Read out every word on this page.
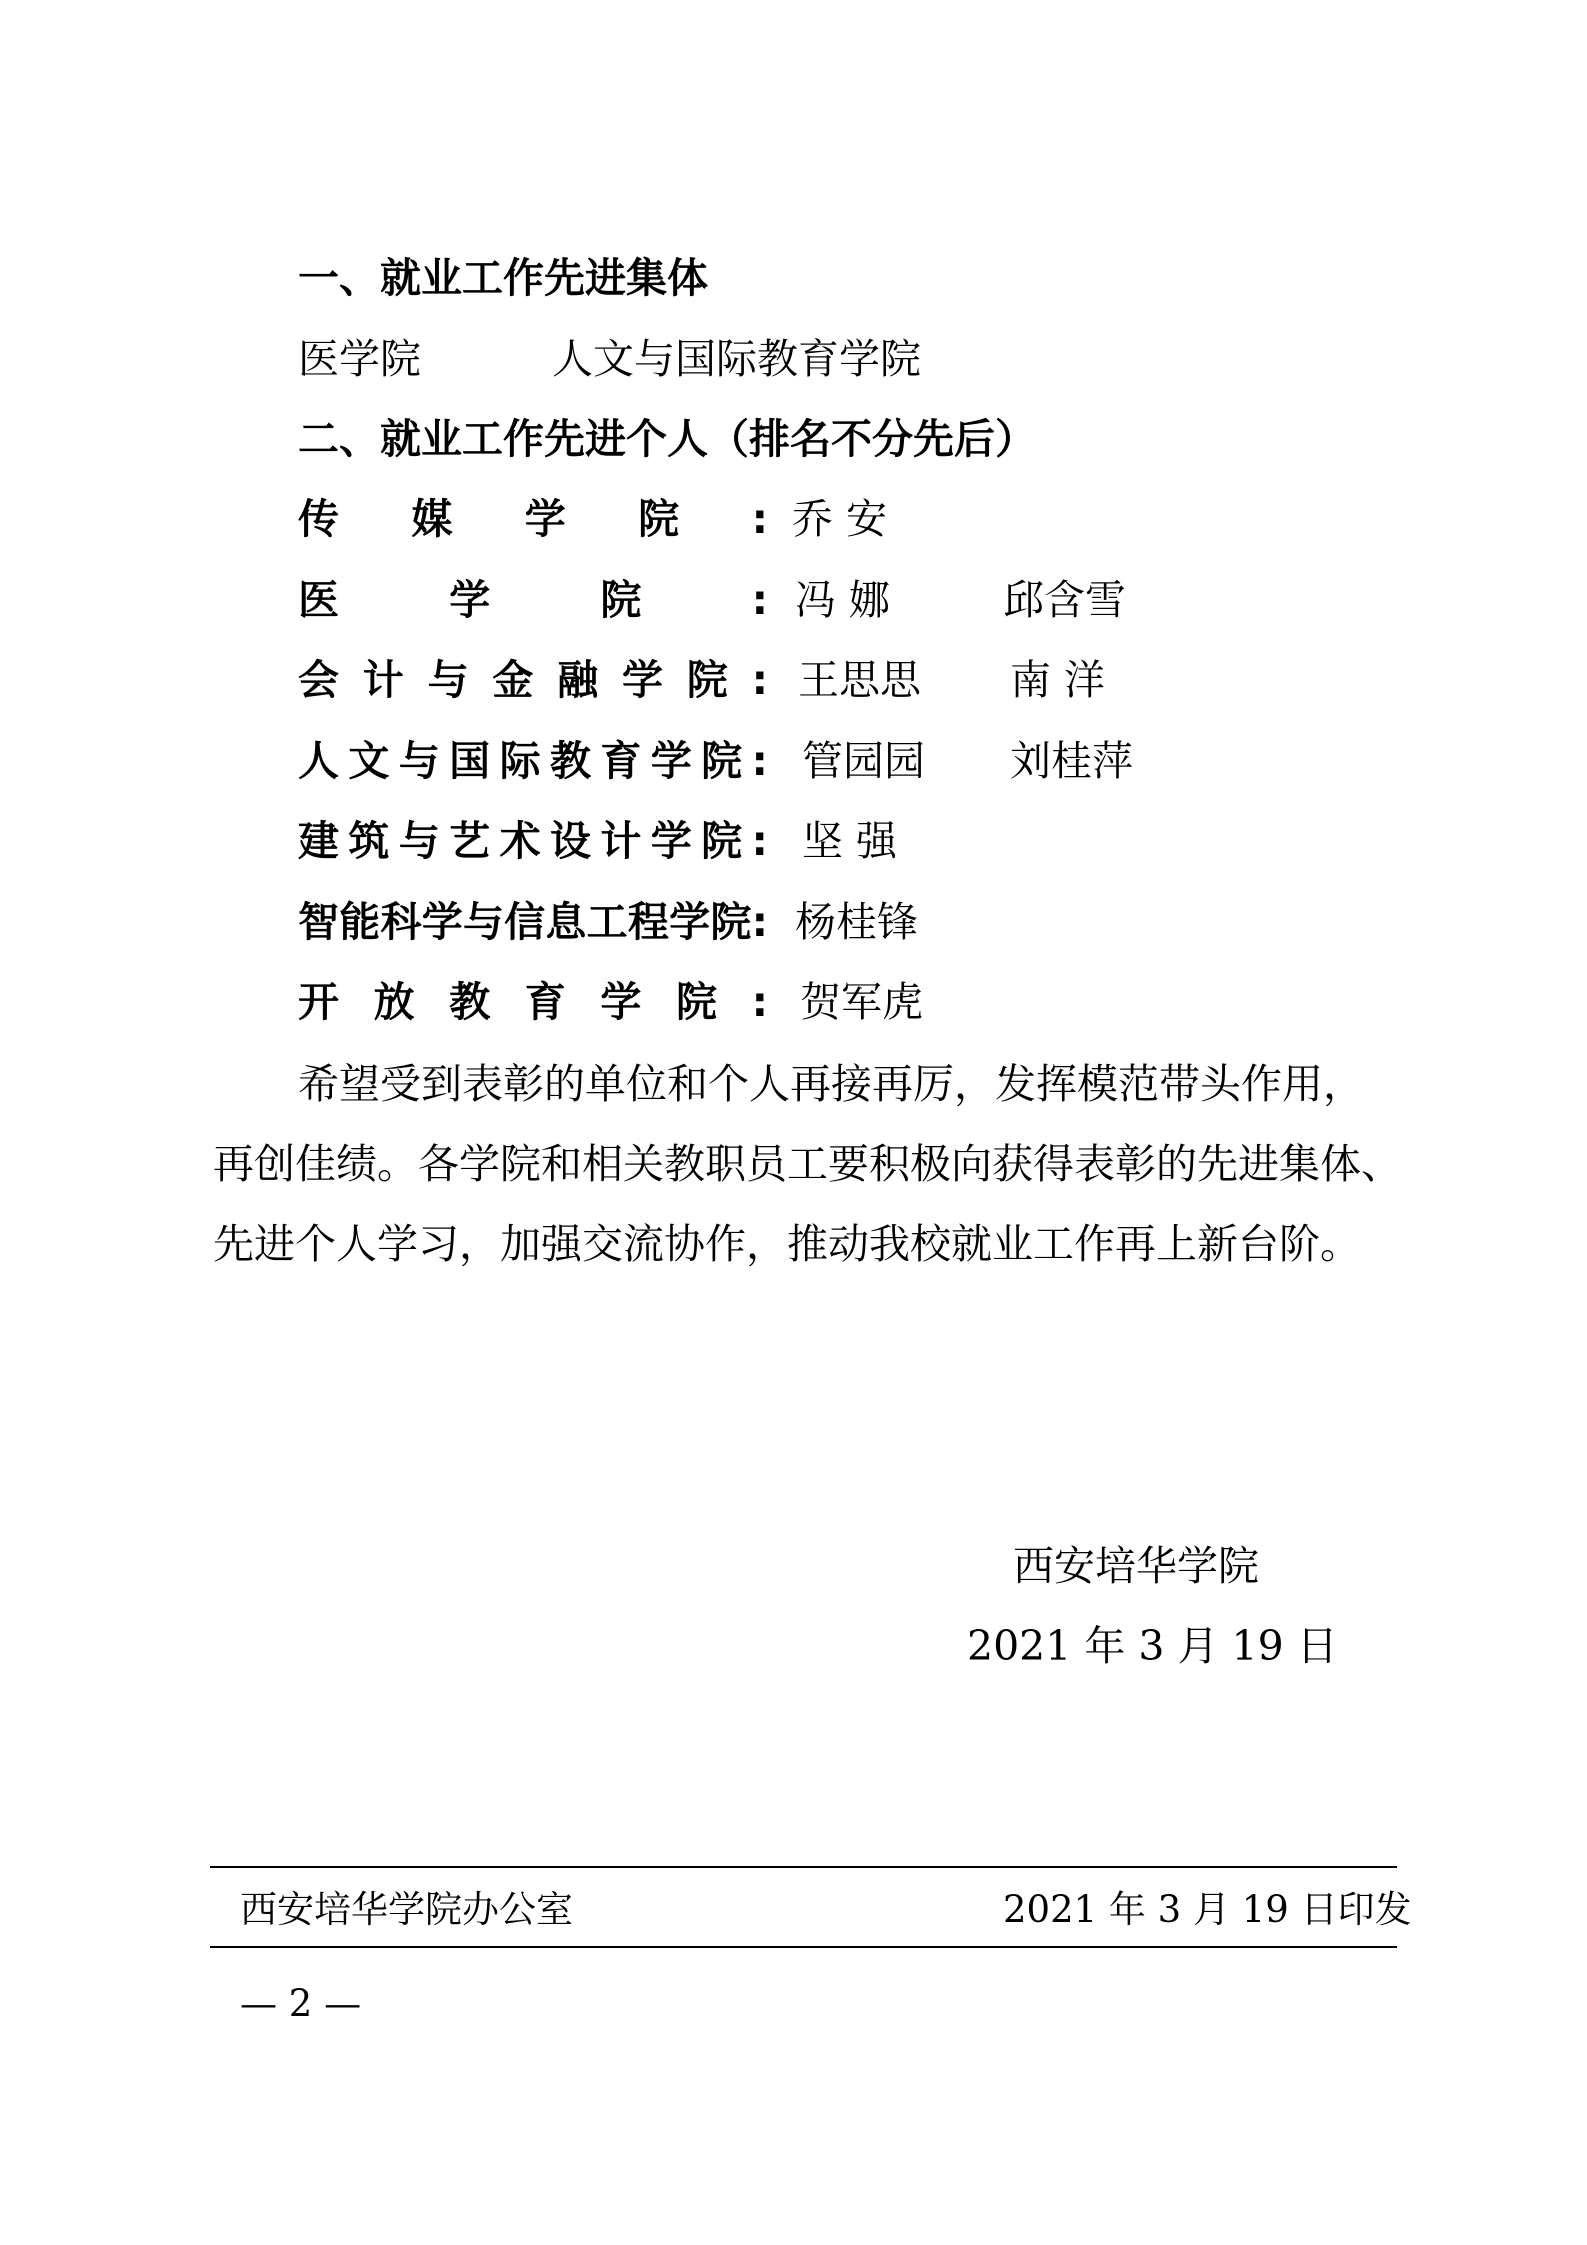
一、就业工作先进集体
医学院	人文与国际教育学院
二、就业工作先进个人（排名不分先后）
传 媒 学 院 : 乔 安
医	学	院	: 冯 娜	邱含雪
会 计 与 金 融 学 院 : 王思思 南 洋
人 文 与 国 际 教 育 学 院 : 管园园 刘桂萍
建 筑 与 艺 术 设 计 学 院 : 坚 强
智 能 科 学 与 信 息 工 程 学 院 : 杨桂锋
开 放 教 育 学 院 : 贺军虎
希望受到表彰的单位和个人再接再厉，发挥模范带头作用，
再创佳绩。各学院和相关教职员工要积极向获得表彰的先进集体、
先进个人学习，加强交流协作，推动我校就业工作再上新台阶。
西安培华学院
2021 年 3 月 19 日
西安培华学院办公室	2021 年 3 月 19 日印发
— 2 —
